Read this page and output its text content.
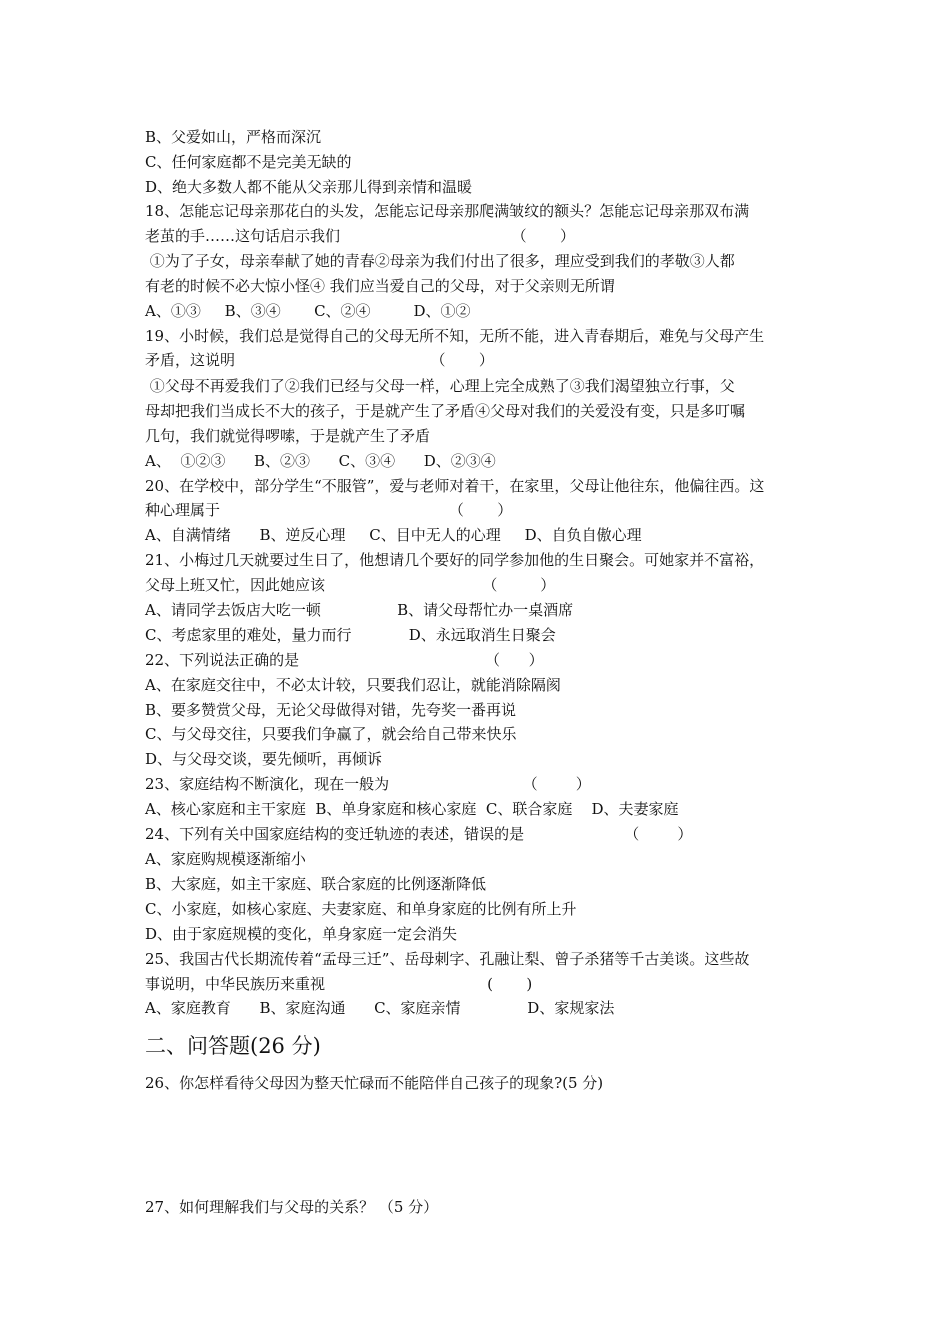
B、父爱如山，严格而深沉
C、任何家庭都不是完美无缺的
D、绝大多数人都不能从父亲那儿得到亲情和温暖
18、怎能忘记母亲那花白的头发，怎能忘记母亲那爬满皱纹的额头？怎能忘记母亲那双布满
老茧的手……这句话启示我们                                    （       ）
①为了子女，母亲奉献了她的青春②母亲为我们付出了很多，理应受到我们的孝敬③人都
有老的时候不必大惊小怪④ 我们应当爱自己的父母，对于父亲则无所谓
A、①③     B、③④       C、②④         D、①②
19、小时候，我们总是觉得自己的父母无所不知，无所不能，进入青春期后，难免与父母产生
矛盾，这说明                                         （       ）
①父母不再爱我们了②我们已经与父母一样，心理上完全成熟了③我们渴望独立行事，父
母却把我们当成长不大的孩子，于是就产生了矛盾④父母对我们的关爱没有变，只是多叮嘱
几句，我们就觉得啰嗦，于是就产生了矛盾
A、  ①②③      B、②③      C、③④      D、②③④
20、在学校中，部分学生“不服管”，爱与老师对着干，在家里，父母让他往东，他偏往西。这
种心理属于                                                （       ）
A、自满情绪      B、逆反心理     C、目中无人的心理     D、自负自傲心理
21、小梅过几天就要过生日了，他想请几个要好的同学参加他的生日聚会。可她家并不富裕，
父母上班又忙，因此她应该                                 （         ）
A、请同学去饭店大吃一顿                B、请父母帮忙办一桌酒席
C、考虑家里的难处，量力而行            D、永远取消生日聚会
22、下列说法正确的是                                       （      ）
A、在家庭交往中，不必太计较，只要我们忍让，就能消除隔阂
B、要多赞赏父母，无论父母做得对错，先夸奖一番再说
C、与父母交往，只要我们争赢了，就会给自己带来快乐
D、与父母交谈，要先倾听，再倾诉
23、家庭结构不断演化，现在一般为                            （        ）
A、核心家庭和主干家庭  B、单身家庭和核心家庭  C、联合家庭    D、夫妻家庭
24、下列有关中国家庭结构的变迁轨迹的表述，错误的是                     （        ）
A、家庭购规模逐渐缩小
B、大家庭，如主干家庭、联合家庭的比例逐渐降低
C、小家庭，如核心家庭、夫妻家庭、和单身家庭的比例有所上升
D、由于家庭规模的变化，单身家庭一定会消失
25、我国古代长期流传着“孟母三迁”、岳母刺字、孔融让梨、曾子杀猪等千古美谈。这些故
事说明，中华民族历来重视                                  (       )
A、家庭教育      B、家庭沟通      C、家庭亲情              D、家规家法
二、问答题(26 分)
26、你怎样看待父母因为整天忙碌而不能陪伴自己孩子的现象?(5 分)
27、如何理解我们与父母的关系？ （5 分）
